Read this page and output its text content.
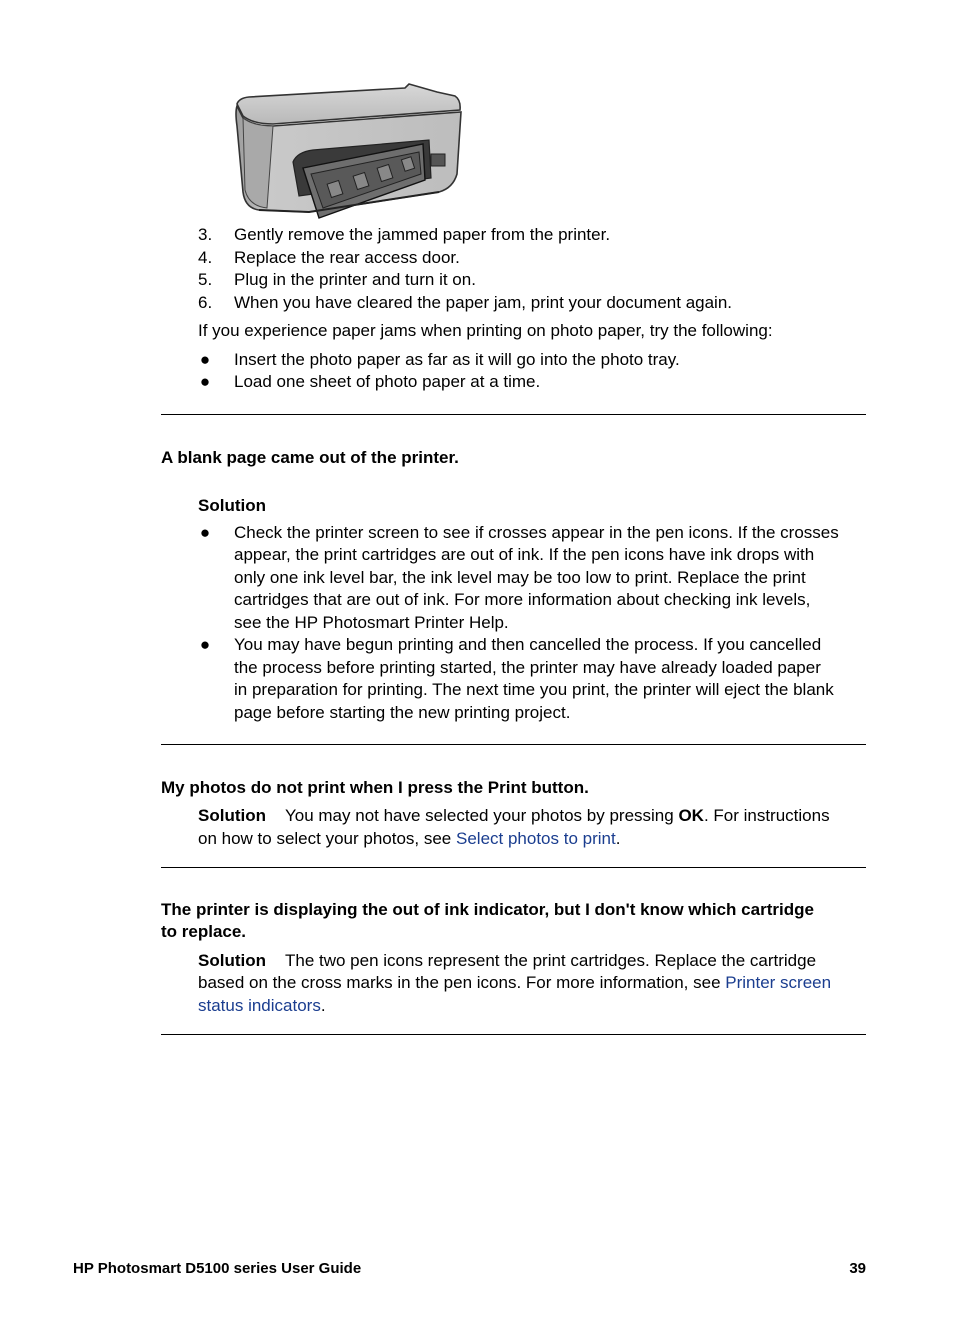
3. Gently remove the jammed paper from the printer.
4. Replace the rear access door.
5. Plug in the printer and turn it on.
6. When you have cleared the paper jam, print your document again.
If you experience paper jams when printing on photo paper, try the following:
● Insert the photo paper as far as it will go into the photo tray.
● Load one sheet of photo paper at a time.
A blank page came out of the printer.
Solution
● Check the printer screen to see if crosses appear in the pen icons. If the crosses
appear, the print cartridges are out of ink. If the pen icons have ink drops with
only one ink level bar, the ink level may be too low to print. Replace the print
cartridges that are out of ink. For more information about checking ink levels,
see the HP Photosmart Printer Help.
● You may have begun printing and then cancelled the process. If you cancelled
the process before printing started, the printer may have already loaded paper
in preparation for printing. The next time you print, the printer will eject the blank
page before starting the new printing project.
My photos do not print when I press the Print button.
Solution You may not have selected your photos by pressing OK. For instructions
on how to select your photos, see Select photos to print.
The printer is displaying the out of ink indicator, but I don't know which cartridge
to replace.
Solution The two pen icons represent the print cartridges. Replace the cartridge
based on the cross marks in the pen icons. For more information, see Printer screen
status indicators.
HP Photosmart D5100 series User Guide	39
